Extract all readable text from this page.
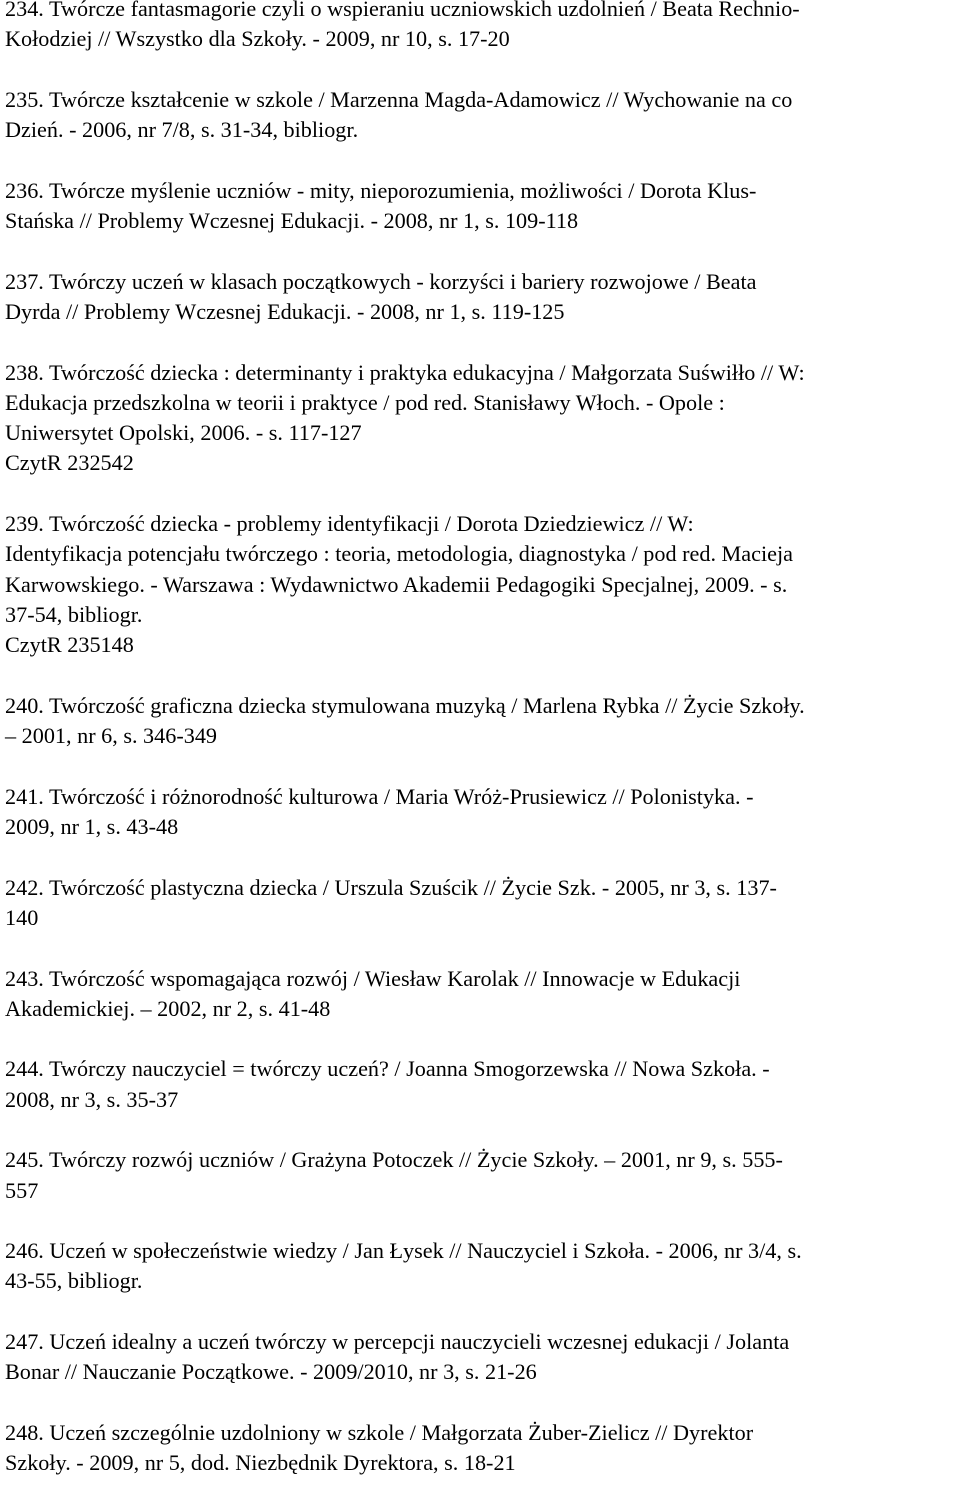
234. Twórcze fantasmagorie czyli o wspieraniu uczniowskich uzdolnień / Beata Rechnio-
Kołodziej // Wszystko dla Szkoły. - 2009, nr 10, s. 17-20
235. Twórcze kształcenie w szkole / Marzenna Magda-Adamowicz // Wychowanie na co
Dzień. - 2006, nr 7/8, s. 31-34, bibliogr.
236. Twórcze myślenie uczniów - mity, nieporozumienia, możliwości / Dorota Klus-
Stańska // Problemy Wczesnej Edukacji. - 2008, nr 1, s. 109-118
237. Twórczy uczeń w klasach początkowych - korzyści i bariery rozwojowe / Beata
Dyrda // Problemy Wczesnej Edukacji. - 2008, nr 1, s. 119-125
238. Twórczość dziecka : determinanty i praktyka edukacyjna / Małgorzata Suświłło // W:
Edukacja przedszkolna w teorii i praktyce / pod red. Stanisławy Włoch. - Opole :
Uniwersytet Opolski, 2006. - s. 117-127
CzytR 232542
239. Twórczość dziecka - problemy identyfikacji / Dorota Dziedziewicz // W:
Identyfikacja potencjału twórczego : teoria, metodologia, diagnostyka / pod red. Macieja
Karwowskiego. - Warszawa : Wydawnictwo Akademii Pedagogiki Specjalnej, 2009. - s.
37-54, bibliogr.
CzytR 235148
240. Twórczość graficzna dziecka stymulowana muzyką / Marlena Rybka // Życie Szkoły.
– 2001, nr 6, s. 346-349
241. Twórczość i różnorodność kulturowa / Maria Wróż-Prusiewicz // Polonistyka. -
2009, nr 1, s. 43-48
242. Twórczość plastyczna dziecka / Urszula Szuścik // Życie Szk. - 2005, nr 3, s. 137-
140
243. Twórczość wspomagająca rozwój / Wiesław Karolak // Innowacje w Edukacji
Akademickiej. – 2002, nr 2, s. 41-48
244. Twórczy nauczyciel = twórczy uczeń? / Joanna Smogorzewska // Nowa Szkoła. -
2008, nr 3, s. 35-37
245. Twórczy rozwój uczniów / Grażyna Potoczek // Życie Szkoły. – 2001, nr 9, s. 555-
557
246. Uczeń w społeczeństwie wiedzy / Jan Łysek // Nauczyciel i Szkoła. - 2006, nr 3/4, s.
43-55, bibliogr.
247. Uczeń idealny a uczeń twórczy w percepcji nauczycieli wczesnej edukacji / Jolanta
Bonar // Nauczanie Początkowe. - 2009/2010, nr 3, s. 21-26
248. Uczeń szczególnie uzdolniony w szkole / Małgorzata Żuber-Zielicz // Dyrektor
Szkoły. - 2009, nr 5, dod. Niezbędnik Dyrektora, s. 18-21
